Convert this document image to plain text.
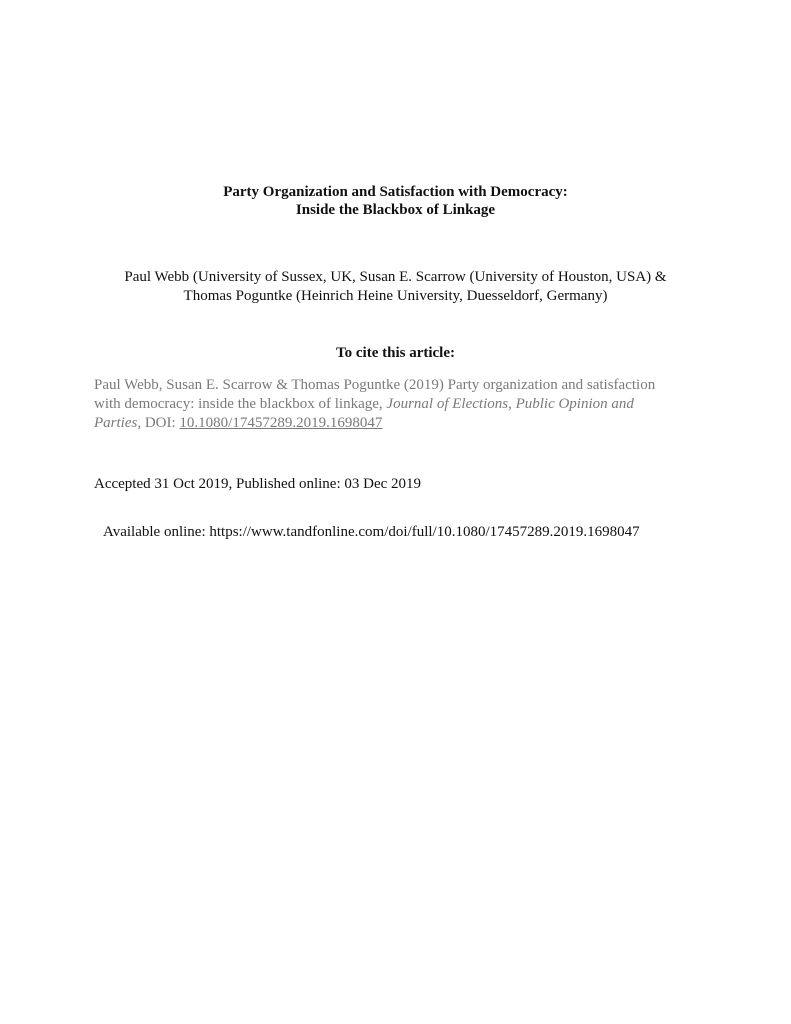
Party Organization and Satisfaction with Democracy:
Inside the Blackbox of Linkage
Paul Webb (University of Sussex, UK, Susan E. Scarrow (University of Houston, USA) &
Thomas Poguntke (Heinrich Heine University, Duesseldorf, Germany)
To cite this article:
Paul Webb, Susan E. Scarrow & Thomas Poguntke (2019) Party organization and satisfaction
with democracy: inside the blackbox of linkage, Journal of Elections, Public Opinion and
Parties, DOI: 10.1080/17457289.2019.1698047
Accepted 31 Oct 2019, Published online: 03 Dec 2019
Available online: https://www.tandfonline.com/doi/full/10.1080/17457289.2019.1698047
